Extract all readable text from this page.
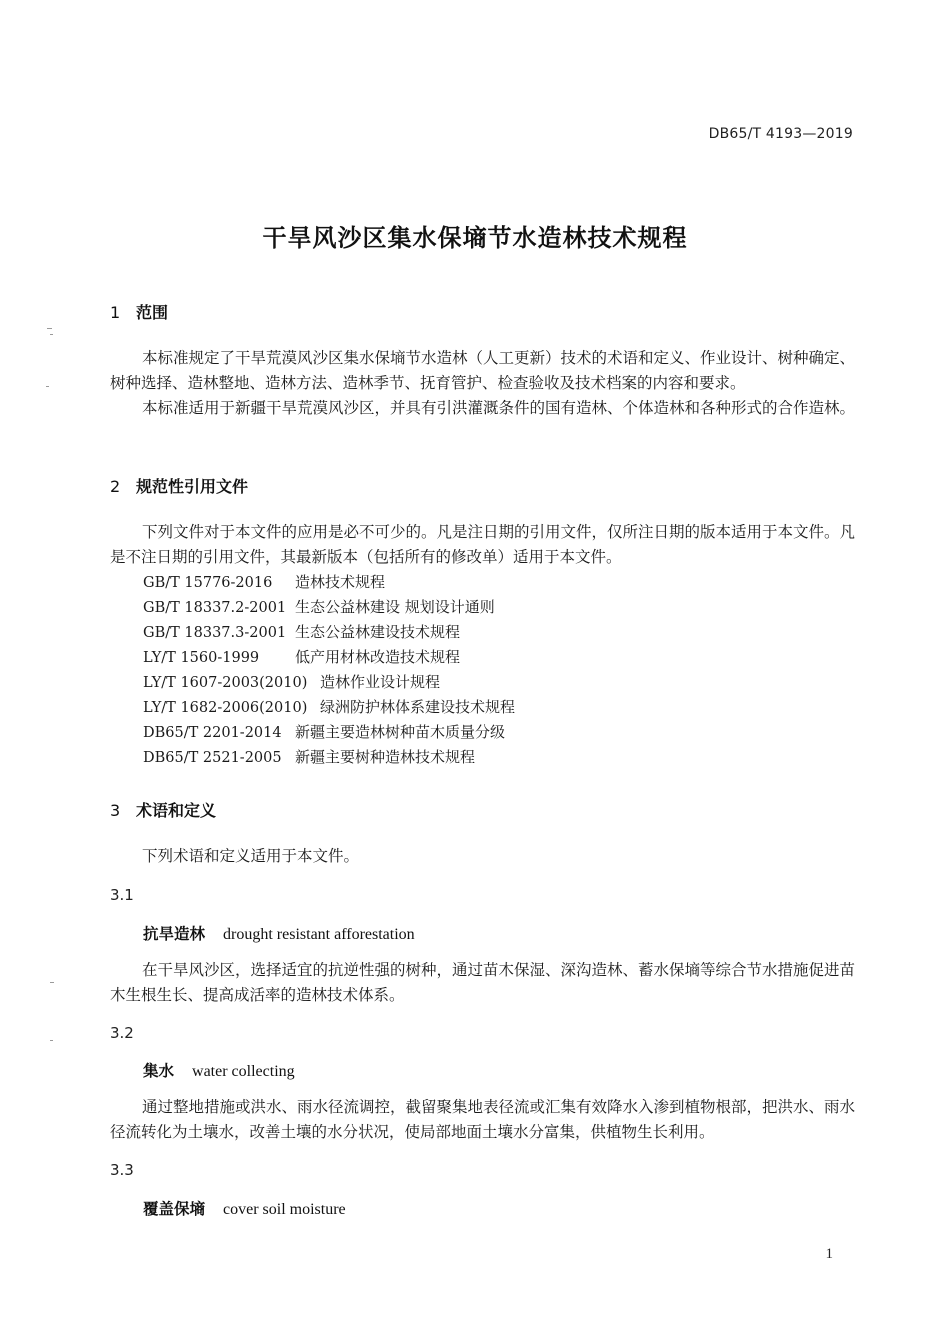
DB65/T 4193—2019
干旱风沙区集水保墒节水造林技术规程
1 范围
本标准规定了干旱荒漠风沙区集水保墒节水造林（人工更新）技术的术语和定义、作业设计、树种确定、树种选择、造林整地、造林方法、造林季节、抚育管护、检查验收及技术档案的内容和要求。
本标准适用于新疆干旱荒漠风沙区，并具有引洪灌溉条件的国有造林、个体造林和各种形式的合作造林。
2 规范性引用文件
下列文件对于本文件的应用是必不可少的。凡是注日期的引用文件，仅所注日期的版本适用于本文件。凡是不注日期的引用文件，其最新版本（包括所有的修改单）适用于本文件。
GB/T 15776-2016 造林技术规程
GB/T 18337.2-2001 生态公益林建设 规划设计通则
GB/T 18337.3-2001 生态公益林建设技术规程
LY/T 1560-1999 低产用材林改造技术规程
LY/T 1607-2003(2010) 造林作业设计规程
LY/T 1682-2006(2010) 绿洲防护林体系建设技术规程
DB65/T 2201-2014 新疆主要造林树种苗木质量分级
DB65/T 2521-2005 新疆主要树种造林技术规程
3 术语和定义
下列术语和定义适用于本文件。
3.1
抗旱造林 drought resistant afforestation
在干旱风沙区，选择适宜的抗逆性强的树种，通过苗木保湿、深沟造林、蓄水保墒等综合节水措施促进苗木生根生长、提高成活率的造林技术体系。
3.2
集水 water collecting
通过整地措施或洪水、雨水径流调控，截留聚集地表径流或汇集有效降水入渗到植物根部，把洪水、雨水径流转化为土壤水，改善土壤的水分状况，使局部地面土壤水分富集，供植物生长利用。
3.3
覆盖保墒 cover soil moisture
1
